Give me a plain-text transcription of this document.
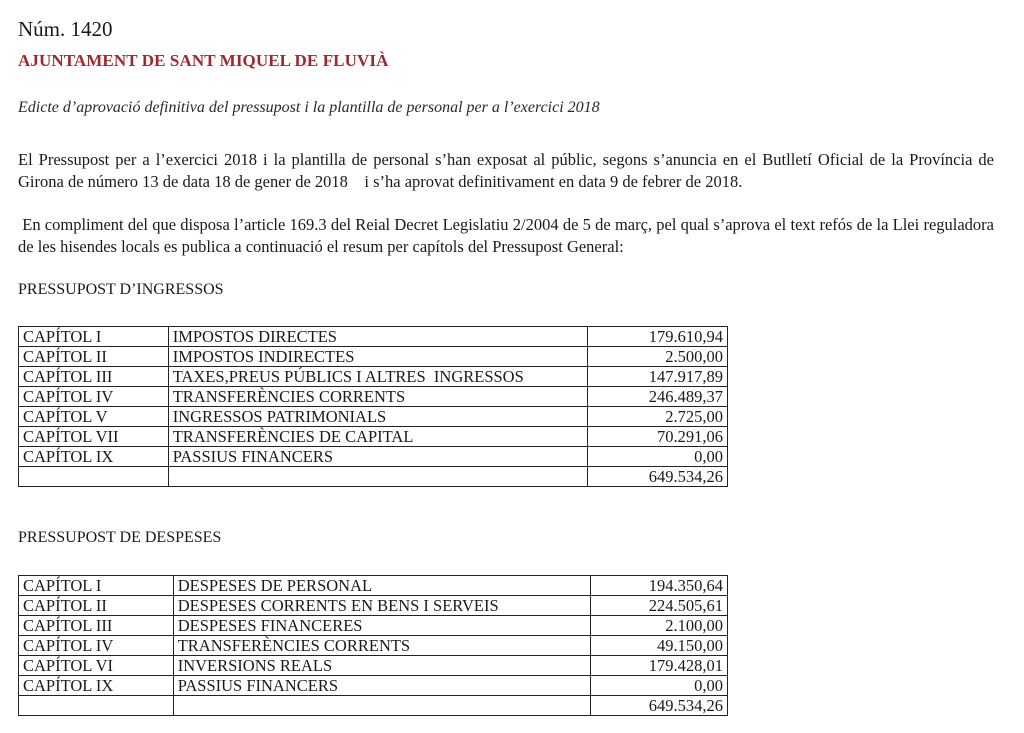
Núm. 1420
AJUNTAMENT DE SANT MIQUEL DE FLUVIÀ
Edicte d’aprovació definitiva del pressupost i la plantilla de personal per a l’exercici 2018
El Pressupost per a l’exercici 2018 i la plantilla de personal s’han exposat al públic, segons s’anuncia en el Butlletí Oficial de la Província de Girona de número 13 de data 18 de gener de 2018    i s’ha aprovat definitivament en data 9 de febrer de 2018.
En compliment del que disposa l’article 169.3 del Reial Decret Legislatiu 2/2004 de 5 de març, pel qual s’aprova el text refós de la Llei reguladora de les hisendes locals es publica a continuació el resum per capítols del Pressupost General:
PRESSUPOST D’INGRESSOS
CAPÍTOL I	IMPOSTOS DIRECTES	179.610,94
CAPÍTOL II	IMPOSTOS INDIRECTES	2.500,00
CAPÍTOL III	TAXES,PREUS PÚBLICS I ALTRES  INGRESSOS	147.917,89
CAPÍTOL IV	TRANSFERÈNCIES CORRENTS	246.489,37
CAPÍTOL V	INGRESSOS PATRIMONIALS	2.725,00
CAPÍTOL VII	TRANSFERÈNCIES DE CAPITAL	70.291,06
CAPÍTOL IX	PASSIUS FINANCERS	0,00
		649.534,26
PRESSUPOST DE DESPESES
CAPÍTOL I	DESPESES DE PERSONAL	194.350,64
CAPÍTOL II	DESPESES CORRENTS EN BENS I SERVEIS	224.505,61
CAPÍTOL III	DESPESES FINANCERES	2.100,00
CAPÍTOL IV	TRANSFERÈNCIES CORRENTS	49.150,00
CAPÍTOL VI	INVERSIONS REALS	179.428,01
CAPÍTOL IX	PASSIUS FINANCERS	0,00
		649.534,26
